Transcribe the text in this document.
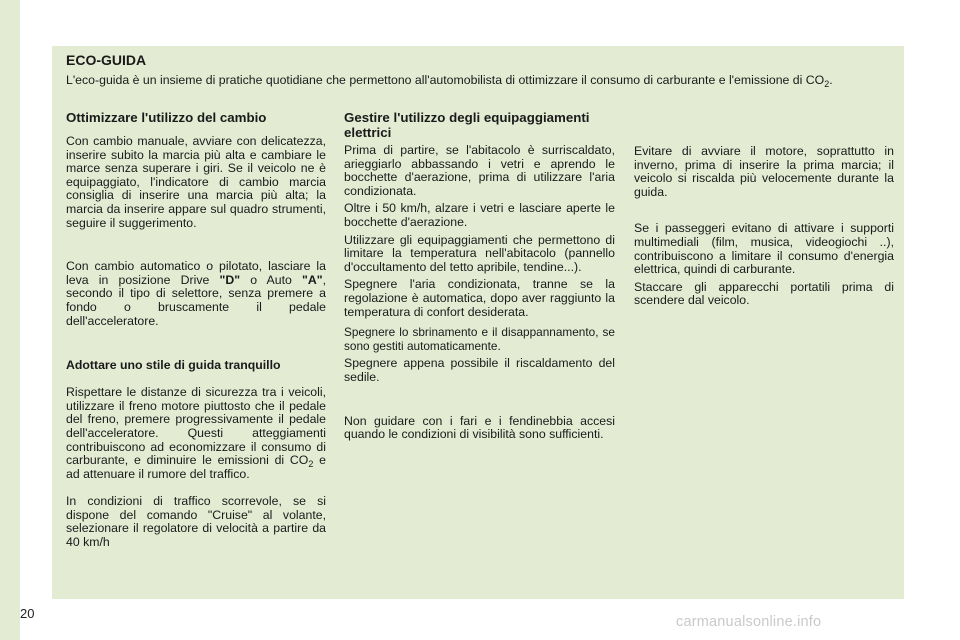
ECO-GUIDA

L'eco-guida è un insieme di pratiche quotidiane che permettono all'automobilista di ottimizzare il consumo di carburante e l'emissione di $CO_2$.

Ottimizzare l'utilizzo del cambio

Con cambio manuale, avviare con delicatezza, inserire subito la marcia più alta e cambiare le marce senza superare i giri. Se il veicolo ne è equipaggiato, l'indicatore di cambio marcia consiglia di inserire una marcia più alta; la marcia da inserire appare sul quadro strumenti, seguire il suggerimento.

Con cambio automatico o pilotato, lasciare la leva in posizione Drive "D" o Auto "A", secondo il tipo di selettore, senza premere a fondo o bruscamente il pedale dell'acceleratore.

Adottare uno stile di guida tranquillo

Rispettare le distanze di sicurezza tra i veicoli, utilizzare il freno motore piuttosto che il pedale del freno, premere progressivamente il pedale dell'acceleratore. Questi atteggiamenti contribuiscono ad economizzare il consumo di carburante, e diminuire le emissioni di $CO_2$ e ad attenuare il rumore del traffico.

In condizioni di traffico scorrevole, se si dispone del comando "Cruise" al volante, selezionare il regolatore di velocità a partire da 40 km/h

Gestire l'utilizzo degli equipaggiamenti elettrici

Prima di partire, se l'abitacolo è surriscaldato, arieggiarlo abbassando i vetri e aprendo le bocchette d'aerazione, prima di utilizzare l'aria condizionata.

Oltre i 50 km/h, alzare i vetri e lasciare aperte le bocchette d'aerazione.

Utilizzare gli equipaggiamenti che permettono di limitare la temperatura nell'abitacolo (pannello d'occultamento del tetto apribile, tendine...).

Spegnere l'aria condizionata, tranne se la regolazione è automatica, dopo aver raggiunto la temperatura di confort desiderata.

Spegnere lo sbrinamento e il disappannamento, se sono gestiti automaticamente.

Spegnere appena possibile il riscaldamento del sedile.

Non guidare con i fari e i fendinebbia accesi quando le condizioni di visibilità sono sufficienti.

Evitare di avviare il motore, soprattutto in inverno, prima di inserire la prima marcia; il veicolo si riscalda più velocemente durante la guida.

Se i passeggeri evitano di attivare i supporti multimediali (film, musica, videogiochi ..), contribuiscono a limitare il consumo d'energia elettrica, quindi di carburante.

Staccare gli apparecchi portatili prima di scendere dal veicolo.

20
carmanualsonline.info
